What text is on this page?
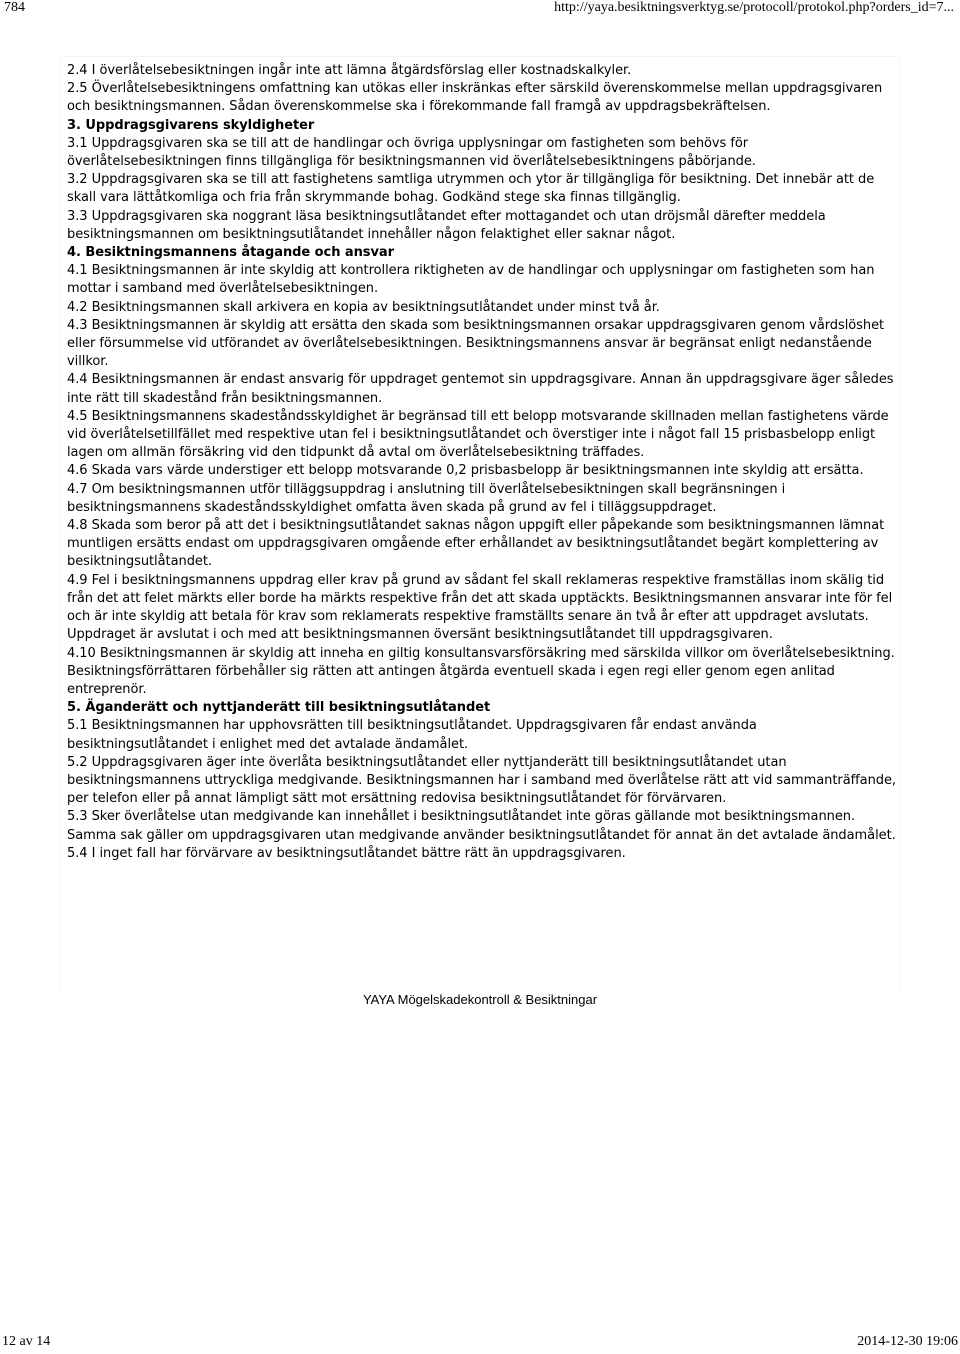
784	http://yaya.besiktningsverktyg.se/protocoll/protokol.php?orders_id=7...

2.4 I överlåtelsebesiktningen ingår inte att lämna åtgärdsförslag eller kostnadskalkyler.

2.5 Överlåtelsebesiktningens omfattning kan utökas eller inskränkas efter särskild överenskommelse mellan uppdragsgivaren och besiktningsmannen. Sådan överenskommelse ska i förekommande fall framgå av uppdragsbekräftelsen.

3. Uppdragsgivarens skyldigheter

3.1 Uppdragsgivaren ska se till att de handlingar och övriga upplysningar om fastigheten som behövs för överlåtelsebesiktningen finns tillgängliga för besiktningsmannen vid överlåtelsebesiktningens påbörjande.

3.2 Uppdragsgivaren ska se till att fastighetens samtliga utrymmen och ytor är tillgängliga för besiktning. Det innebär att de skall vara lättåtkomliga och fria från skrymmande bohag. Godkänd stege ska finnas tillgänglig.

3.3 Uppdragsgivaren ska noggrant läsa besiktningsutlåtandet efter mottagandet och utan dröjsmål därefter meddela besiktningsmannen om besiktningsutlåtandet innehåller någon felaktighet eller saknar något.

4. Besiktningsmannens åtagande och ansvar

4.1 Besiktningsmannen är inte skyldig att kontrollera riktigheten av de handlingar och upplysningar om fastigheten som han mottar i samband med överlåtelsebesiktningen.

4.2 Besiktningsmannen skall arkivera en kopia av besiktningsutlåtandet under minst två år.

4.3 Besiktningsmannen är skyldig att ersätta den skada som besiktningsmannen orsakar uppdragsgivaren genom vårdslöshet eller försummelse vid utförandet av överlåtelsebesiktningen. Besiktningsmannens ansvar är begränsat enligt nedanstående villkor.

4.4 Besiktningsmannen är endast ansvarig för uppdraget gentemot sin uppdragsgivare. Annan än uppdragsgivare äger således inte rätt till skadestånd från besiktningsmannen.

4.5 Besiktningsmannens skadeståndsskyldighet är begränsad till ett belopp motsvarande skillnaden mellan fastighetens värde vid överlåtelsetillfället med respektive utan fel i besiktningsutlåtandet och överstiger inte i något fall 15 prisbasbelopp enligt lagen om allmän försäkring vid den tidpunkt då avtal om överlåtelsebesiktning träffades.

4.6 Skada vars värde understiger ett belopp motsvarande 0,2 prisbasbelopp är besiktningsmannen inte skyldig att ersätta.

4.7 Om besiktningsmannen utför tilläggsuppdrag i anslutning till överlåtelsebesiktningen skall begränsningen i besiktningsmannens skadeståndsskyldighet omfatta även skada på grund av fel i tilläggsuppdraget.

4.8 Skada som beror på att det i besiktningsutlåtandet saknas någon uppgift eller påpekande som besiktningsmannen lämnat muntligen ersätts endast om uppdragsgivaren omgående efter erhållandet av besiktningsutlåtandet begärt komplettering av besiktningsutlåtandet.

4.9 Fel i besiktningsmannens uppdrag eller krav på grund av sådant fel skall reklameras respektive framställas inom skälig tid från det att felet märkts eller borde ha märkts respektive från det att skada upptäckts. Besiktningsmannen ansvarar inte för fel och är inte skyldig att betala för krav som reklamerats respektive framställts senare än två år efter att uppdraget avslutats. Uppdraget är avslutat i och med att besiktningsmannen översänt besiktningsutlåtandet till uppdragsgivaren.

4.10 Besiktningsmannen är skyldig att inneha en giltig konsultansvarsförsäkring med särskilda villkor om överlåtelsebesiktning.

Besiktningsförrättaren förbehåller sig rätten att antingen åtgärda eventuell skada i egen regi eller genom egen anlitad entreprenör.

5. Äganderätt och nyttjanderätt till besiktningsutlåtandet

5.1 Besiktningsmannen har upphovsrätten till besiktningsutlåtandet. Uppdragsgivaren får endast använda besiktningsutlåtandet i enlighet med det avtalade ändamålet.

5.2 Uppdragsgivaren äger inte överlåta besiktningsutlåtandet eller nyttjanderätt till besiktningsutlåtandet utan besiktningsmannens uttryckliga medgivande. Besiktningsmannen har i samband med överlåtelse rätt att vid sammanträffande, per telefon eller på annat lämpligt sätt mot ersättning redovisa besiktningsutlåtandet för förvärvaren.

5.3 Sker överlåtelse utan medgivande kan innehållet i besiktningsutlåtandet inte göras gällande mot besiktningsmannen. Samma sak gäller om uppdragsgivaren utan medgivande använder besiktningsutlåtandet för annat än det avtalade ändamålet.

5.4 I inget fall har förvärvare av besiktningsutlåtandet bättre rätt än uppdragsgivaren.

YAYA Mögelskadekontroll & Besiktningar
12 av 14	2014-12-30 19:06
